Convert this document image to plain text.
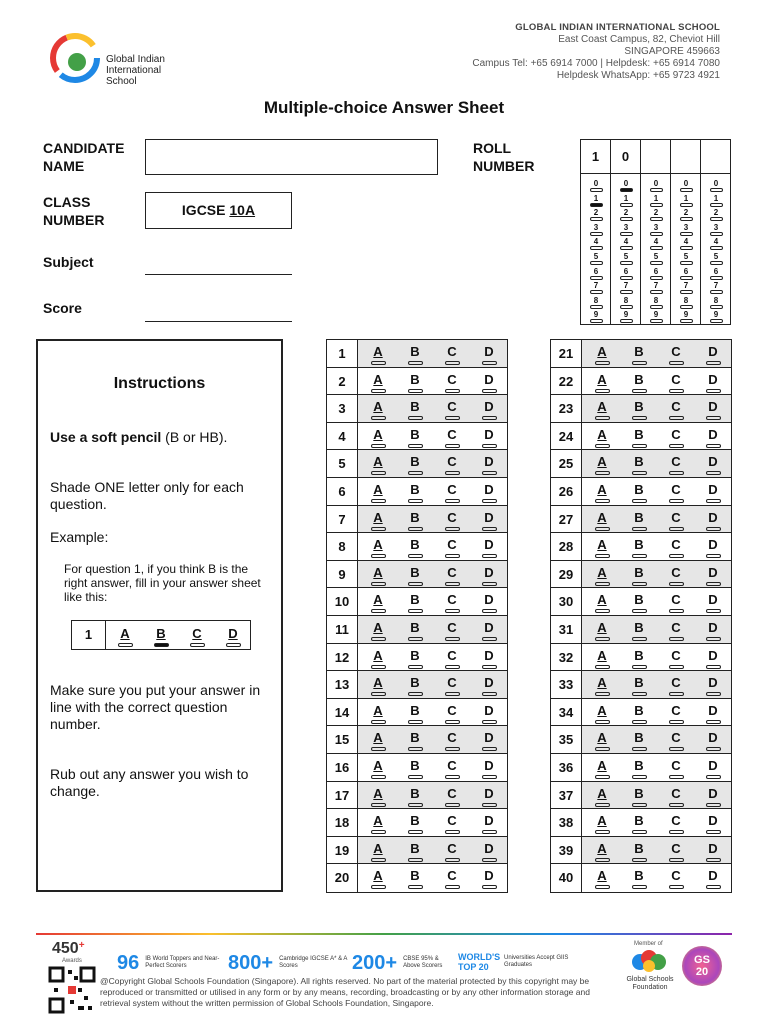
Global Indian
International
School
GLOBAL INDIAN INTERNATIONAL SCHOOL
East Coast Campus, 82, Cheviot Hill
SINGAPORE 459663
Campus Tel: +65 6914 7000 | Helpdesk: +65 6914 7080
Helpdesk WhatsApp: +65 9723 4921
Multiple-choice Answer Sheet
CANDIDATE
NAME
ROLL
NUMBER
CLASS
NUMBER
IGCSE 10A
Subject
Score
1
0
1
2
3
4
5
6
7
8
9
0
0
1
2
3
4
5
6
7
8
9
0
1
2
3
4
5
6
7
8
9
0
1
2
3
4
5
6
7
8
9
0
1
2
3
4
5
6
7
8
9
Instructions

Use a soft pencil (B or HB).

Shade ONE letter only for each question.

Example:

For question 1, if you think B is the right answer, fill in your answer sheet like this:

1	A	B	C	D

Make sure you put your answer in line with the correct question number.

Rub out any answer you wish to change.

1	A	B	C	D
2	A	B	C	D
3	A	B	C	D
4	A	B	C	D
5	A	B	C	D
6	A	B	C	D
7	A	B	C	D
8	A	B	C	D
9	A	B	C	D
10	A	B	C	D
11	A	B	C	D
12	A	B	C	D
13	A	B	C	D
14	A	B	C	D
15	A	B	C	D
16	A	B	C	D
17	A	B	C	D
18	A	B	C	D
19	A	B	C	D
20	A	B	C	D
21	A	B	C	D
22	A	B	C	D
23	A	B	C	D
24	A	B	C	D
25	A	B	C	D
26	A	B	C	D
27	A	B	C	D
28	A	B	C	D
29	A	B	C	D
30	A	B	C	D
31	A	B	C	D
32	A	B	C	D
33	A	B	C	D
34	A	B	C	D
35	A	B	C	D
36	A	B	C	D
37	A	B	C	D
38	A	B	C	D
39	A	B	C	D
40	A	B	C	D
450+
Awards	96	IB World Toppers and Near-Perfect Scorers	800+	Cambridge IGCSE A* & A Scores	200+	CBSE 95% & Above Scorers
WORLD'S TOP 20
Universities Accept GIIS Graduates
@Copyright Global Schools Foundation (Singapore). All rights reserved. No part of the material protected by this copyright may be reproduced or transmitted or utilised in any form or by any means, recording, broadcasting or by any other information storage and retrieval system without the written permission of Global Schools Foundation, Singapore.
Member of
Global Schools Foundation
GS 20
